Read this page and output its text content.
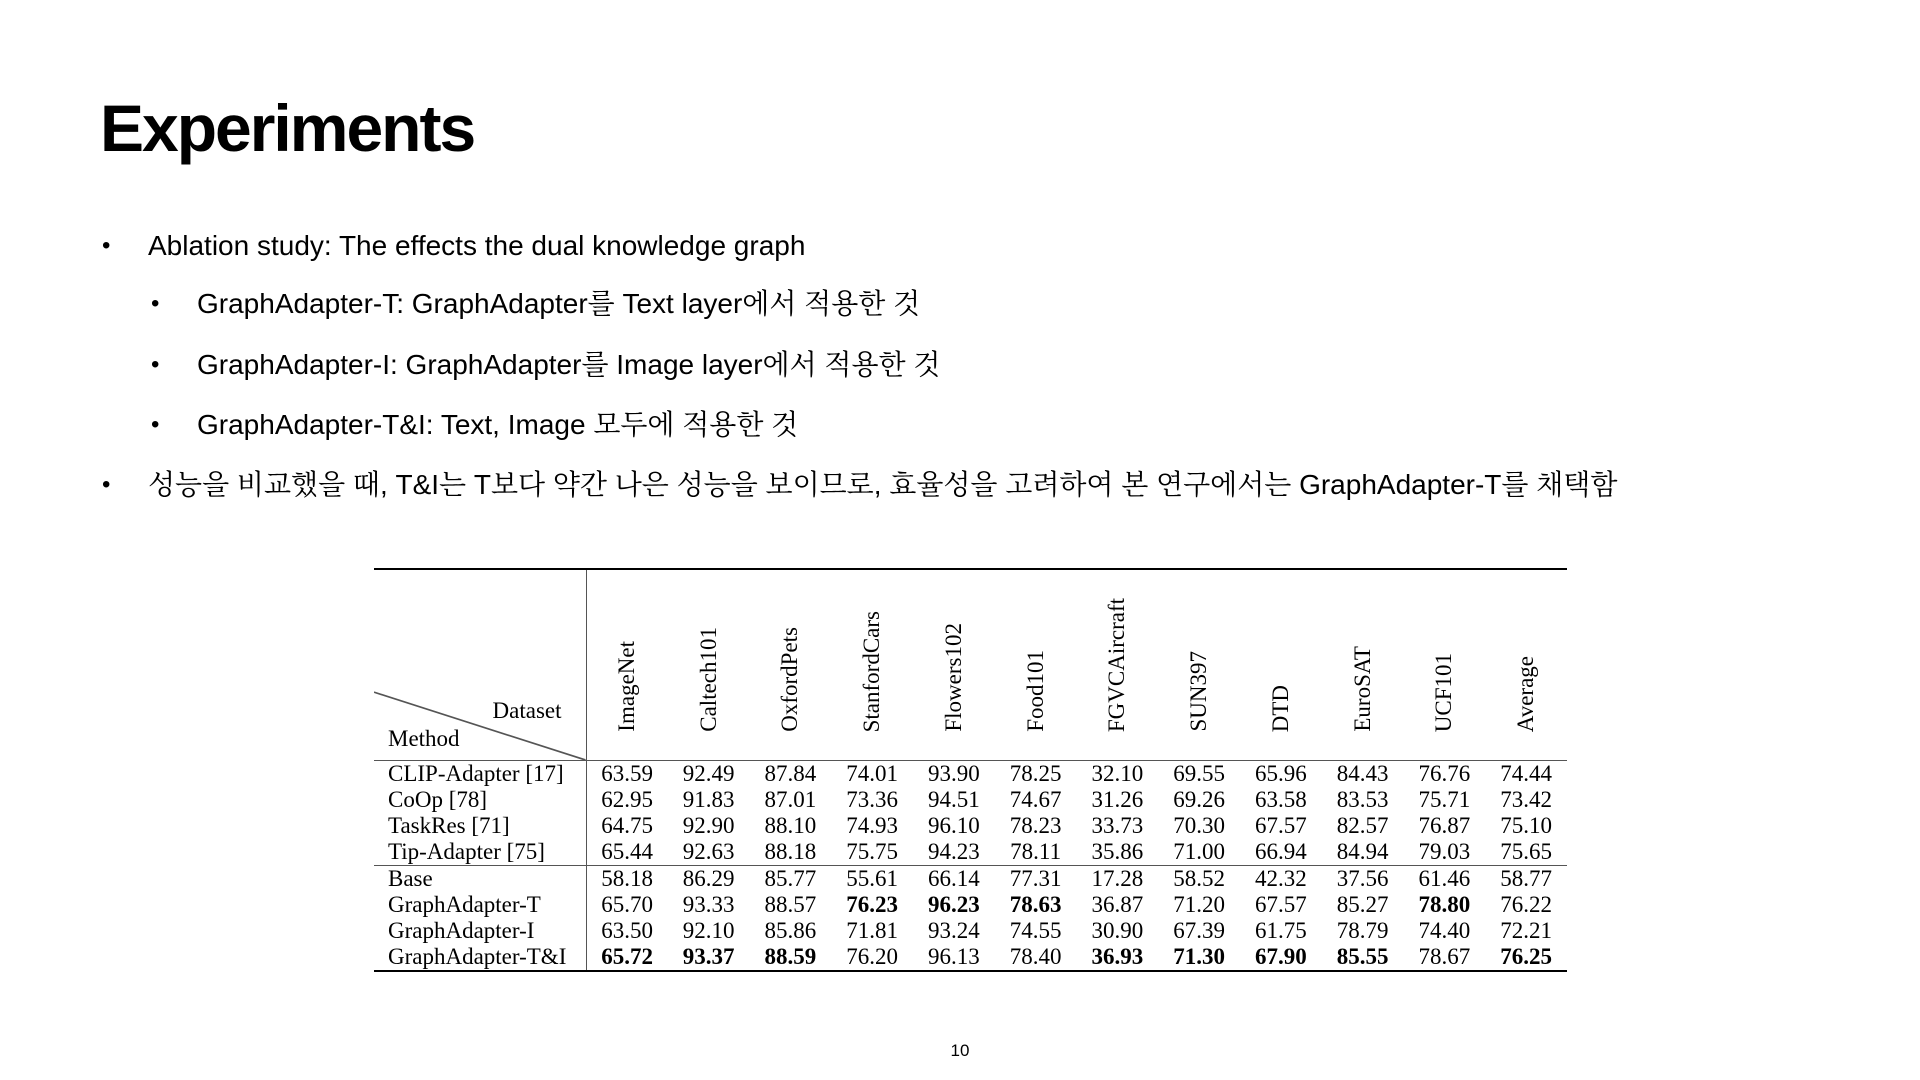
Experiments
• Ablation study: The effects the dual knowledge graph
• GraphAdapter-T: GraphAdapter를 Text layer에서 적용한 것
• GraphAdapter-I: GraphAdapter를 Image layer에서 적용한 것
• GraphAdapter-T&I: Text, Image 모두에 적용한 것
• 성능을 비교했을 때, T&I는 T보다 약간 나은 성능을 보이므로, 효율성을 고려하여 본 연구에서는 GraphAdapter-T를 채택함
Dataset
Method	ImageNet	Caltech101	OxfordPets	StanfordCars	Flowers102	Food101	FGVCAircraft	SUN397	DTD	EuroSAT	UCF101	Average
CLIP-Adapter [17]	63.59	92.49	87.84	74.01	93.90	78.25	32.10	69.55	65.96	84.43	76.76	74.44
CoOp [78]	62.95	91.83	87.01	73.36	94.51	74.67	31.26	69.26	63.58	83.53	75.71	73.42
TaskRes [71]	64.75	92.90	88.10	74.93	96.10	78.23	33.73	70.30	67.57	82.57	76.87	75.10
Tip-Adapter [75]	65.44	92.63	88.18	75.75	94.23	78.11	35.86	71.00	66.94	84.94	79.03	75.65
Base	58.18	86.29	85.77	55.61	66.14	77.31	17.28	58.52	42.32	37.56	61.46	58.77
GraphAdapter-T	65.70	93.33	88.57	76.23	96.23	78.63	36.87	71.20	67.57	85.27	78.80	76.22
GraphAdapter-I	63.50	92.10	85.86	71.81	93.24	74.55	30.90	67.39	61.75	78.79	74.40	72.21
GraphAdapter-T&I	65.72	93.37	88.59	76.20	96.13	78.40	36.93	71.30	67.90	85.55	78.67	76.25
10
